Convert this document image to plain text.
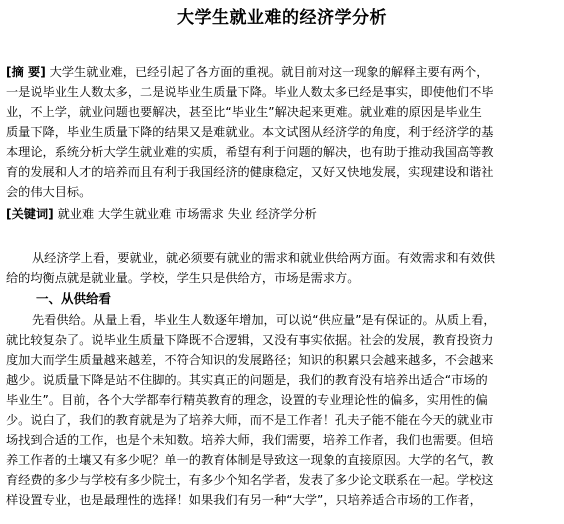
大学生就业难的经济学分析
[摘 要] 大学生就业难，已经引起了各方面的重视。就目前对这一现象的解释主要有两个，
一是说毕业生人数太多，二是说毕业生质量下降。毕业人数太多已经是事实，即使他们不毕
业，不上学，就业问题也要解决，甚至比“毕业生”解决起来更难。就业难的原因是毕业生
质量下降，毕业生质量下降的结果又是难就业。本文试图从经济学的角度，利于经济学的基
本理论，系统分析大学生就业难的实质，希望有利于问题的解决，也有助于推动我国高等教
育的发展和人才的培养而且有利于我国经济的健康稳定，又好又快地发展，实现建设和谐社
会的伟大目标。
[关键词] 就业难 大学生就业难 市场需求 失业 经济学分析
从经济学上看，要就业，就必须要有就业的需求和就业供给两方面。有效需求和有效供
给的均衡点就是就业量。学校，学生只是供给方，市场是需求方。
一、从供给看
先看供给。从量上看，毕业生人数逐年增加，可以说“供应量”是有保证的。从质上看，
就比较复杂了。说毕业生质量下降既不合逻辑，又没有事实依据。社会的发展，教育投资力
度加大而学生质量越来越差，不符合知识的发展路径；知识的积累只会越来越多，不会越来
越少。说质量下降是站不住脚的。其实真正的问题是，我们的教育没有培养出适合“市场的
毕业生”。目前，各个大学都奉行精英教育的理念，设置的专业理论性的偏多，实用性的偏
少。说白了，我们的教育就是为了培养大师，而不是工作者！孔夫子能不能在今天的就业市
场找到合适的工作，也是个未知数。培养大师，我们需要，培养工作者，我们也需要。但培
养工作者的土壤又有多少呢？单一的教育体制是导致这一现象的直接原因。大学的名气，教
育经费的多少与学校有多少院士，有多少个知名学者，发表了多少论文联系在一起。学校这
样设置专业，也是最理性的选择！如果我们有另一种“大学”，只培养适合市场的工作者，
